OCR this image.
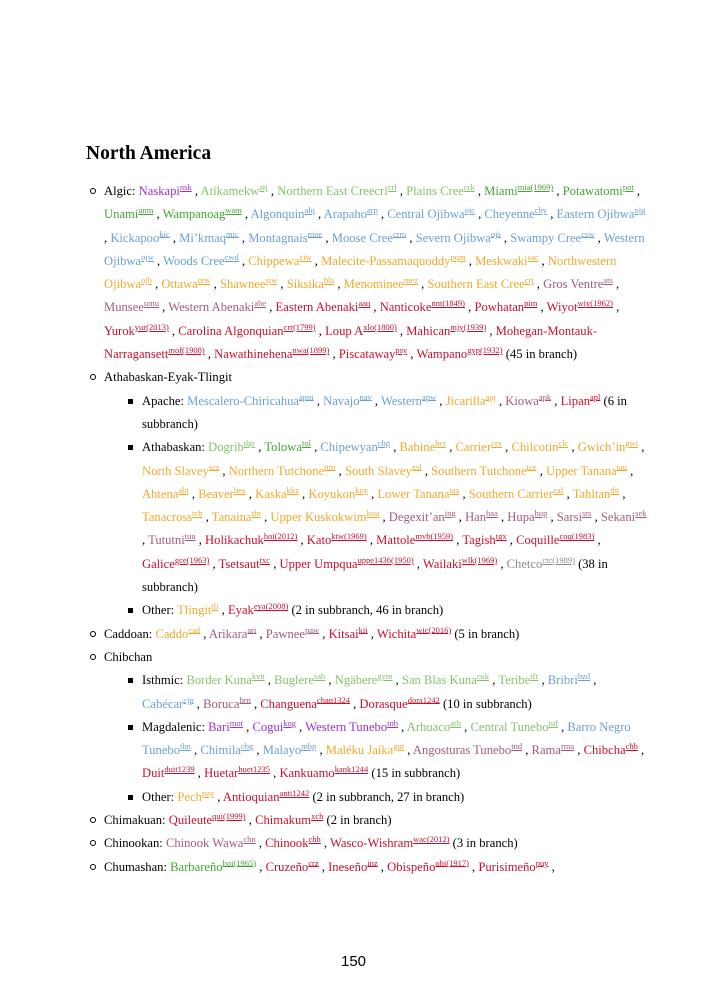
North America
Algic: Naskapi$^{nsk}$ , Atikamekw$^{atj}$ , Northern East Creecrl$^{crl}$ , Plains Cree$^{crk}$ , Miami$^{mia(1969)}$ , Potawatomi$^{pot}$ , Unami$^{unm}$ , Wampanoag$^{wam}$ , Algonquin$^{alq}$ , Arapaho$^{arp}$ , Central Ojibwa$^{ojc}$ , Cheyenne$^{chy}$ , Eastern Ojibwa$^{ojg}$ , Kickapoo$^{kic}$ , Mi’kmaq$^{mic}$ , Montagnais$^{moe}$ , Moose Cree$^{crm}$ , Severn Ojibwa$^{ojs}$ , Swampy Cree$^{csw}$ , Western Ojibwa$^{ojw}$ , Woods Cree$^{cwd}$ , Chippewa$^{ciw}$ , Malecite-Passamaquoddy$^{pqm}$ , Meskwaki$^{sac}$ , Northwestern Ojibwa$^{ojb}$ , Ottawa$^{otw}$ , Shawnee$^{sjw}$ , Siksika$^{bla}$ , Menominee$^{mez}$ , Southern East Cree$^{crj}$ , Gros Ventre$^{ats}$ , Munsee$^{umu}$ , Western Abenaki$^{abe}$ , Eastern Abenaki$^{aaq}$ , Nanticoke$^{nnt(1849)}$ , Powhatan$^{pim}$ , Wiyot$^{wiy(1962)}$ , Yurok$^{yur(2013)}$ , Carolina Algonquian$^{crr(1799)}$ , Loup $A^{xlo(1800)}$ , Mahican$^{mjy(1939)}$ , Mohegan-Montauk-Narragansett$^{mof(1908)}$ , Nawathinehena$^{nwa(1899)}$ , Piscataway$^{psy}$ , Wampano$^{gyp(1932)}$ (45 in branch)
Athabaskan-Eyak-Tlingit
Apache: Mescalero-Chiricahua$^{apm}$ , Navajo$^{nav}$ , Western$^{apw}$ , Jicarilla$^{apj}$ , Kiowa$^{apk}$ , Lipan$^{apl}$ (6 in subbranch)
Athabaskan: Dogrib$^{dgr}$ , Tolowa$^{tol}$ , Chipewyan$^{chp}$ , Babine$^{bcr}$ , Carrier$^{crx}$ , Chilcotin$^{clc}$ , $Gwich’in^{gwi}$ , North Slavey$^{scs}$ , Northern Tutchone$^{ttm}$ , South Slavey$^{xsl}$ , Southern Tutchone$^{tce}$ , Upper Tanana$^{tau}$ , Ahtena$^{aht}$ , Beaver$^{bea}$ , Kaska$^{kkz}$ , Koyukon$^{koy}$ , Lower Tanana$^{taa}$ , Southern Carrier$^{caf}$ , Tahltan$^{tht}$ , Tanacross$^{tcb}$ , Tanaina$^{tfn}$ , Upper Kuskokwim$^{kuu}$ , $Degexit’an^{ing}$ , Han$^{haa}$ , Hupa$^{hup}$ , Sarsi$^{srs}$ , Sekani$^{sek}$ , Tututni$^{tuu}$ , Holikachuk$^{hoi(2012)}$ , Kato$^{ktw(1969)}$ , Mattole$^{mvb(1959)}$ , Tagish$^{tgx}$ , Coquille$^{coq(1983)}$ , Galice$^{gce(1963)}$ , Tsetsaut$^{txc}$ , Upper Umpqua$^{uppe1436(1950)}$ , Wailaki$^{wlk(1969)}$ , Chetco$^{ctc(1989)}$ (38 in subbranch)
Other: Tlingit$^{tli}$ , Eyak$^{eya(2008)}$ (2 in subbranch, 46 in branch)
Caddoan: Caddo$^{cad}$ , Arikara$^{ari}$ , Pawnee$^{paw}$ , Kitsai$^{kii}$ , Wichita$^{wic(2016)}$ (5 in branch)
Chibchan
Isthmic: Border Kuna$^{kvn}$ , Buglere$^{sab}$ , Ngäbere$^{gym}$ , San Blas Kuna$^{cuk}$ , Teribe$^{tfr}$ , Bribri$^{bzd}$ , Cabécar$^{cjp}$ , Boruca$^{brn}$ , Changuena$^{chan1324}$ , Dorasque$^{dora1242}$ (10 in subbranch)
Magdalenic: Bari$^{mot}$ , Cogui$^{kog}$ , Western Tunebo$^{tnb}$ , Arhuaco$^{arh}$ , Central Tunebo$^{tuf}$ , Barro Negro Tunebo$^{tbn}$ , Chimila$^{cbg}$ , Malayo$^{mbp}$ , Maléku Jaíka$^{gut}$ , Angosturas Tunebo$^{tnd}$ , Rama$^{rma}$ , Chibcha$^{chb}$ , Duit$^{duit1239}$ , Huetar$^{huet1235}$ , Kankuamo$^{kank1244}$ (15 in subbranch)
Other: Pech$^{pay}$ , Antioquian$^{anti1242}$ (2 in subbranch, 27 in branch)
Chimakuan: Quileute$^{qui(1999)}$ , Chimakum$^{xch}$ (2 in branch)
Chinookan: Chinook Wawa$^{chn}$ , Chinook$^{chh}$ , Wasco-Wishram$^{wac(2012)}$ (3 in branch)
Chumashan: Barbareño$^{boi(1965)}$ , Cruzeño$^{crz}$ , Ineseño$^{inz}$ , Obispeño$^{obi(1917)}$ , Purisimeño$^{puy}$ ,
150
